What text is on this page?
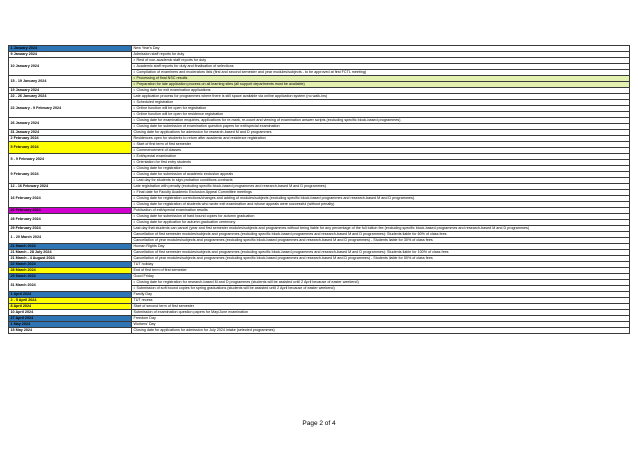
1 January 2024	New Year's Day
9 January 2024	Admission staff reports for duty
10 January 2024	• Rest of non-academic staff reports for duty
	• Academic staff reports for duty and finalisation of selections
	• Compilation of examiners and moderators lists (first and second semester and year modules/subjects - to be approved at first FCTL meeting)
15 - 19 January 2024	• Processing of final NSC results
	• Preparation for late application process on all learning sites (all support departments must be available)
19 January 2024	• Closing date for exit examination applications
22 - 26 January 2024	Late application process for programmes where there is still space available via online application system (no walk-ins)
22 January - 9 February 2024	• Scheduled registration
	• Online function will be open for registration
	• Online function will be open for residence registration
26 January 2024	• Closing date for examination enquiries, applications for re-mark, re-count and viewing of examination answer scripts (excluding specific block-based programmes)
	• Closing date for submission of examination question papers for exit/special examination
31 January 2024	Closing date for applications for admission for research-based M and D programmes
2 February 2024	Residences open for students to return after academic and residence registration
5 February 2024	• Start of first term of first semester
	• Commencement of classes
5 - 9 February 2024	• Exit/special examination
	• Orientation for first entry students
9 February 2024	• Closing date for registration
	• Closing date for submission of academic exclusion appeals
	• Last day for students to sign probation conditions contracts
12 - 16 February 2024	Late registration with penalty (excluding specific block-based programmes and research-based M and D programmes)
16 February 2024	• Final date for Faculty Academic Exclusion Appeal Committee meetings
	• Closing date for registration corrections/changes and adding of modules/subjects (excluding specific block-based programmes and research-based M and D programmes)
	• Closing date for registration of students who wrote exit examination and whose appeals were successful (without penalty)
20 February 2024	Publication of exit/special examination results
28 February 2024	• Closing date for submission of hard bound copies for autumn graduation
	• Closing date for application for autumn graduation ceremony
29 February 2024	Last day that students can cancel (year and first semester modules/subjects and programmes without being liable for any percentage of the full tuition fee (excluding specific block-based programmes and research-based M and D programmes)
1 - 20 March 2024	Cancellation of first semester modules/subjects and programmes (excluding specific block-based programmes and research-based M and D programmes): Students liable for 60% of class fees
	Cancellation of year modules/subjects and programmes (excluding specific block-based programmes and research-based M and D programmes) - Students liable for 30% of class fees
21 March 2024	Human Rights Day
21 March - 28 July 2024	Cancellation of first semester modules/subjects and programmes (excluding specific block-based programmes and research-based M and D programmes): Students liable for 100% of class fees
21 March - 4 August 2024	Cancellation of year modules/subjects and programmes (excluding specific block-based programmes and research-based M and D programmes) - Students liable for 50% of class fees
22 March 2024	TUT holiday
28 March 2024	End of first term of first semester
29 March 2024	Good Friday
31 March 2024	• Closing date for registration for research-based M and D programmes (students will be assisted until 2 April because of easter weekend)
	• Submission of soft bound copies for spring graduations (students will be assisted until 2 April because of easter weekend)
1 April 2024	Family Day
2 - 5 April 2024	TUT recess
8 April 2024	Start of second term of first semester
10 April 2024	Submission of examination question papers for May/June examination
27 April 2024	Freedom Day
1 May 2024	Workers' Day
15 May 2024	Closing date for applications for admission for July 2024 intake (selected programmes)
Page 2 of 4
